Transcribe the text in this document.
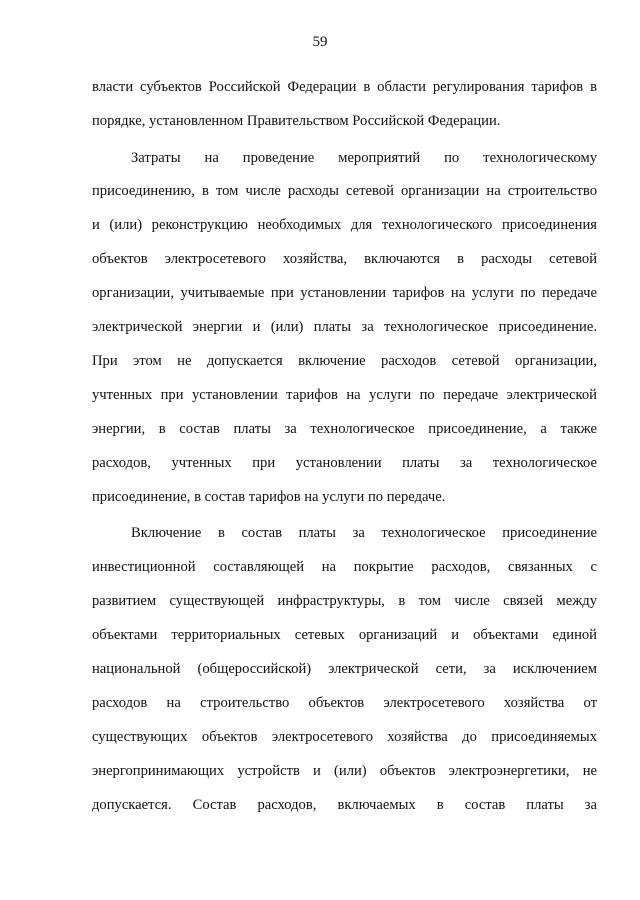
59
власти субъектов Российской Федерации в области регулирования тарифов в
порядке, установленном Правительством Российской Федерации.
Затраты на проведение мероприятий по технологическому
присоединению, в том числе расходы сетевой организации на строительство
и (или) реконструкцию необходимых для технологического присоединения
объектов электросетевого хозяйства, включаются в расходы сетевой
организации, учитываемые при установлении тарифов на услуги по передаче
электрической энергии и (или) платы за технологическое присоединение.
При этом не допускается включение расходов сетевой организации,
учтенных при установлении тарифов на услуги по передаче электрической
энергии, в состав платы за технологическое присоединение, а также
расходов, учтенных при установлении платы за технологическое
присоединение, в состав тарифов на услуги по передаче.
Включение в состав платы за технологическое присоединение
инвестиционной составляющей на покрытие расходов, связанных с
развитием существующей инфраструктуры, в том числе связей между
объектами территориальных сетевых организаций и объектами единой
национальной (общероссийской) электрической сети, за исключением
расходов на строительство объектов электросетевого хозяйства от
существующих объектов электросетевого хозяйства до присоединяемых
энергопринимающих устройств и (или) объектов электроэнергетики, не
допускается. Состав расходов, включаемых в состав платы за
